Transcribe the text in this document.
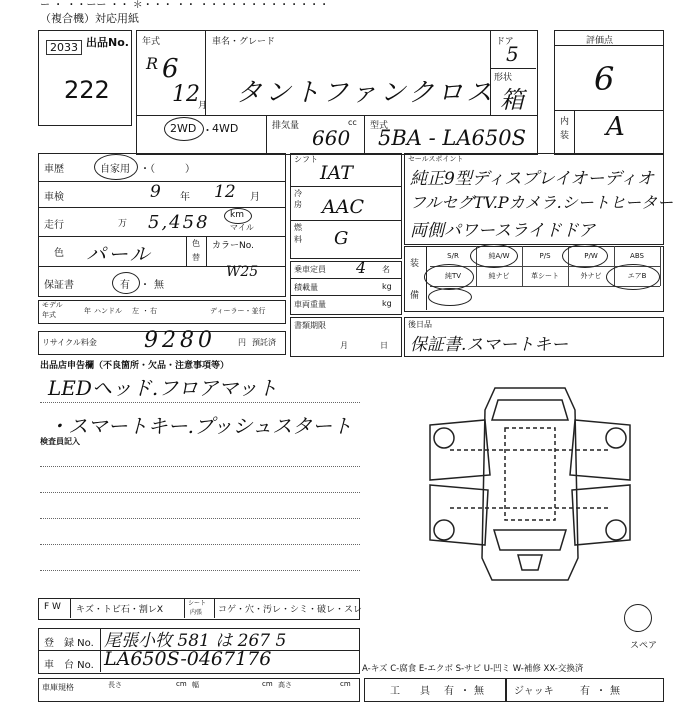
ー ・ ・・ーー ・・ ＊・・・ ・・ ・・・・・・・・・・・・・
（複合機）対応用紙
出品No.
2033
222
年式
R 6
12
月
車名・グレード
タントファンクロス
ドア
5
形状
箱
2WD ・ 4WD	排気量	cc
660 型式
5BA - LA650S
評価点
6
内
装 A
車歴	自家用 ・（　　　）
車検	9 年 12 月
走行	万 5,458 km
マイル
色 パール	色
替
カラーNo.
W25
保証書	有 ・ 無
モデル
年式	年 ハンドル 左 ・ 右	ディーラー・並行
リサイクル料金 9280	円 預託済
シフト
IAT
冷
房 AAC
燃
料 G
乗車定員 4 名
積載量	kg
車両重量	kg
書類期限
月	日
セールスポイント
純正9型ディスプレイオーディオ
フルセグTV.Pカメラ.シートヒーター
両側パワースライドドア
装
備
S/R	純A/W	P/S	P/W	ABS
純TV	純ナビ	革シート	外ナビ	エアB
後日品
保証書.スマートキー
出品店申告欄（不良箇所・欠品・注意事項等）
LEDヘッド.フロアマット
・スマートキー.プッシュスタート
検査員記入
スペア
F W キズ・トビ石・割レX
シート
内張 コゲ・穴・汚レ・シミ・破レ・スレ
登　録 No. 尾張小牧 581 は 267 5
車　台 No. LA650S-0467176
車庫規格	長さ	cm 幅	cm 高さ	cm
A-キズ C-腐食 E-エクボ S-サビ U-凹ミ W-補修 XX-交換済
工　　具 有 ・ 無	ジャッキ	有 ・ 無
